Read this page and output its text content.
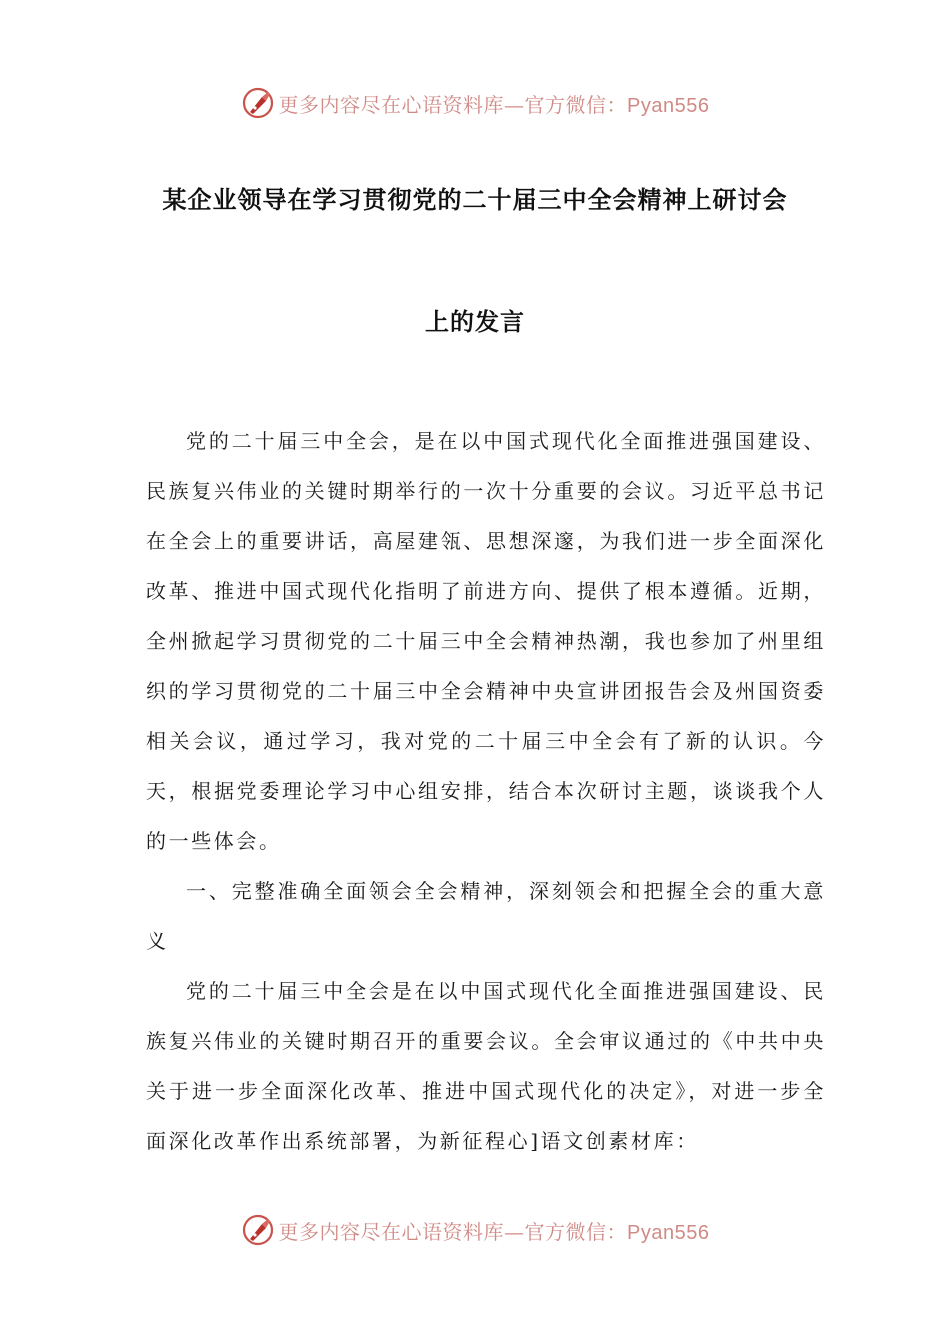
更多内容尽在心语资料库—官方微信：Pyan556
某企业领导在学习贯彻党的二十届三中全会精神上研讨会
上的发言

党的二十届三中全会，是在以中国式现代化全面推进强国建设、民族复兴伟业的关键时期举行的一次十分重要的会议。习近平总书记在全会上的重要讲话，高屋建瓴、思想深邃，为我们进一步全面深化改革、推进中国式现代化指明了前进方向、提供了根本遵循。近期，全州掀起学习贯彻党的二十届三中全会精神热潮，我也参加了州里组织的学习贯彻党的二十届三中全会精神中央宣讲团报告会及州国资委相关会议，通过学习，我对党的二十届三中全会有了新的认识。今天，根据党委理论学习中心组安排，结合本次研讨主题，谈谈我个人的一些体会。

一、完整准确全面领会全会精神，深刻领会和把握全会的重大意义

党的二十届三中全会是在以中国式现代化全面推进强国建设、民族复兴伟业的关键时期召开的重要会议。全会审议通过的《中共中央关于进一步全面深化改革、推进中国式现代化的决定》，对进一步全面深化改革作出系统部署，为新征程心]语文创素材库：

更多内容尽在心语资料库—官方微信：Pyan556
